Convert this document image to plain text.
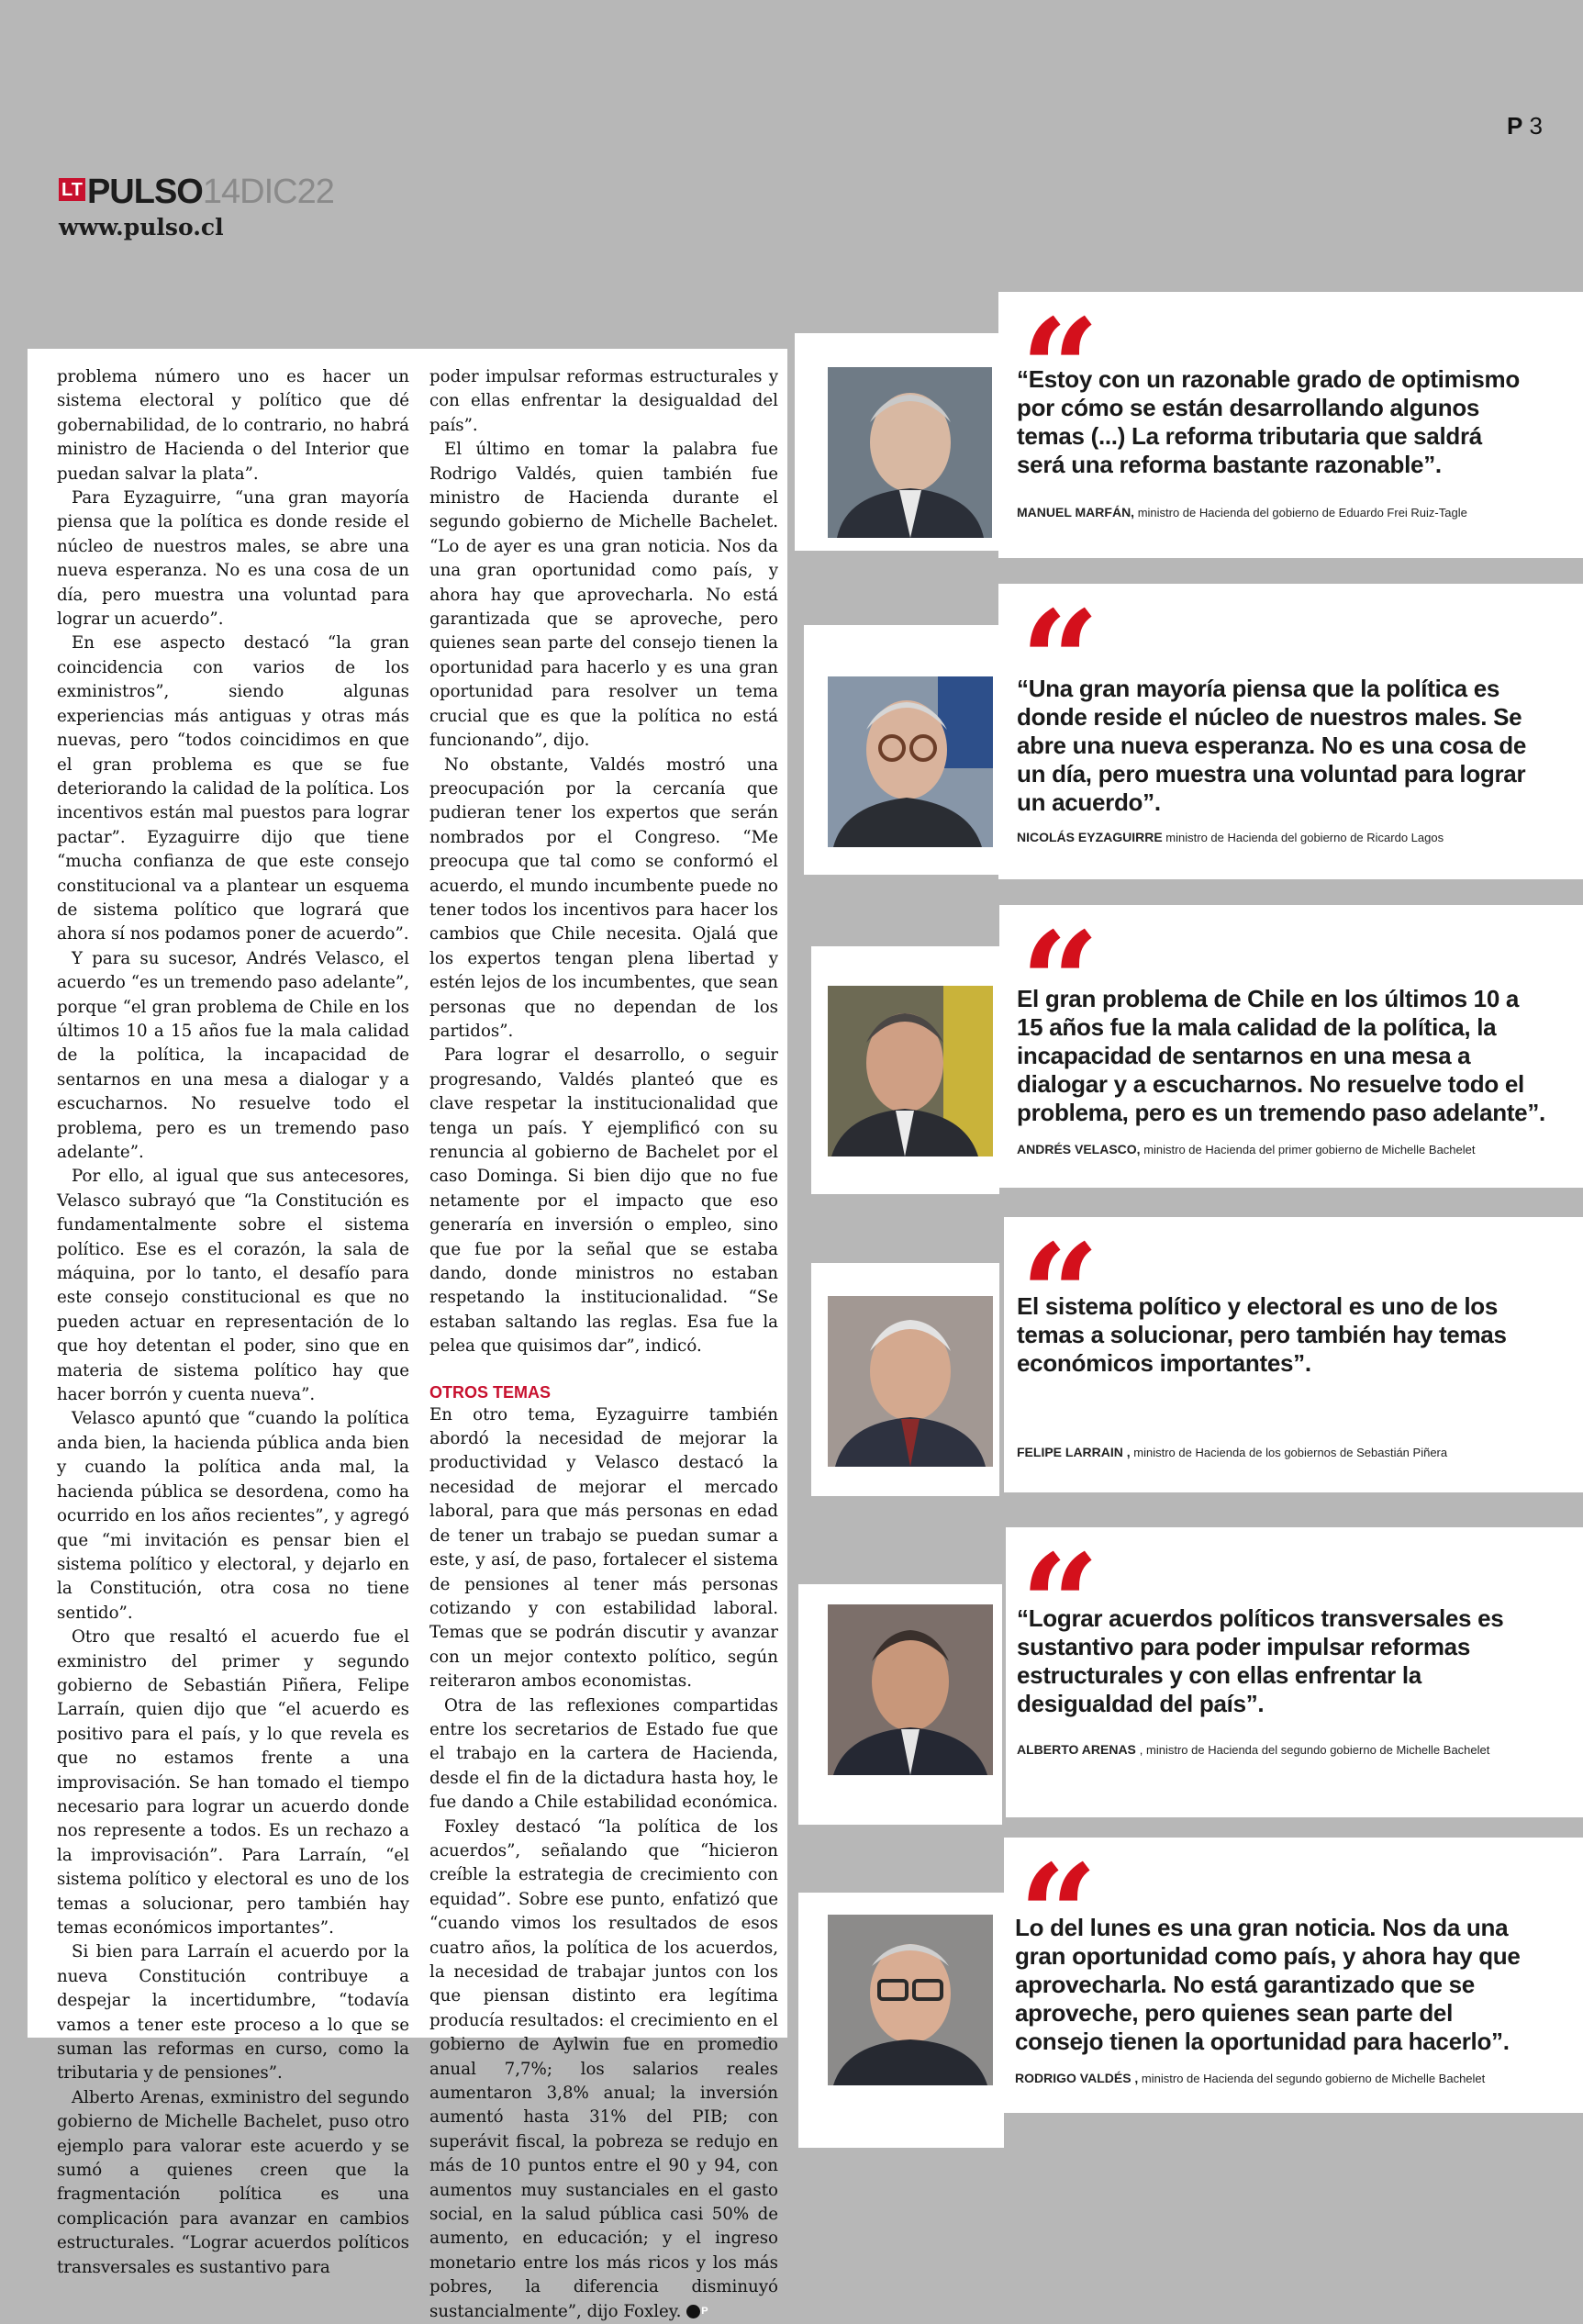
P 3
LT PULSO 14DIC22
www.pulso.cl

problema número uno es hacer un sistema electoral y político que dé gobernabilidad, de lo contrario, no habrá ministro de Hacienda o del Interior que puedan salvar la plata”.

Para Eyzaguirre, “una gran mayoría piensa que la política es donde reside el núcleo de nuestros males, se abre una nueva esperanza. No es una cosa de un día, pero muestra una voluntad para lograr un acuerdo”.

En ese aspecto destacó “la gran coincidencia con varios de los exministros”, siendo algunas experiencias más antiguas y otras más nuevas, pero “todos coincidimos en que el gran problema es que se fue deteriorando la calidad de la política. Los incentivos están mal puestos para lograr pactar”. Eyzaguirre dijo que tiene “mucha confianza de que este consejo constitucional va a plantear un esquema de sistema político que logrará que ahora sí nos podamos poner de acuerdo”.

Y para su sucesor, Andrés Velasco, el acuerdo “es un tremendo paso adelante”, porque “el gran problema de Chile en los últimos 10 a 15 años fue la mala calidad de la política, la incapacidad de sentarnos en una mesa a dialogar y a escucharnos. No resuelve todo el problema, pero es un tremendo paso adelante”.

Por ello, al igual que sus antecesores, Velasco subrayó que “la Constitución es fundamentalmente sobre el sistema político. Ese es el corazón, la sala de máquina, por lo tanto, el desafío para este consejo constitucional es que no pueden actuar en representación de lo que hoy detentan el poder, sino que en materia de sistema político hay que hacer borrón y cuenta nueva”.

Velasco apuntó que “cuando la política anda bien, la hacienda pública anda bien y cuando la política anda mal, la hacienda pública se desordena, como ha ocurrido en los años recientes”, y agregó que “mi invitación es pensar bien el sistema político y electoral, y dejarlo en la Constitución, otra cosa no tiene sentido”.

Otro que resaltó el acuerdo fue el exministro del primer y segundo gobierno de Sebastián Piñera, Felipe Larraín, quien dijo que “el acuerdo es positivo para el país, y lo que revela es que no estamos frente a una improvisación. Se han tomado el tiempo necesario para lograr un acuerdo donde nos represente a todos. Es un rechazo a la improvisación”. Para Larraín, “el sistema político y electoral es uno de los temas a solucionar, pero también hay temas económicos importantes”.

Si bien para Larraín el acuerdo por la nueva Constitución contribuye a despejar la incertidumbre, “todavía vamos a tener este proceso a lo que se suman las reformas en curso, como la tributaria y de pensiones”.

Alberto Arenas, exministro del segundo gobierno de Michelle Bachelet, puso otro ejemplo para valorar este acuerdo y se sumó a quienes creen que la fragmentación política es una complicación para avanzar en cambios estructurales. “Lograr acuerdos políticos transversales es sustantivo para

poder impulsar reformas estructurales y con ellas enfrentar la desigualdad del país”.

El último en tomar la palabra fue Rodrigo Valdés, quien también fue ministro de Hacienda durante el segundo gobierno de Michelle Bachelet. “Lo de ayer es una gran noticia. Nos da una gran oportunidad como país, y ahora hay que aprovecharla. No está garantizada que se aproveche, pero quienes sean parte del consejo tienen la oportunidad para hacerlo y es una gran oportunidad para resolver un tema crucial que es que la política no está funcionando”, dijo.

No obstante, Valdés mostró una preocupación por la cercanía que pudieran tener los expertos que serán nombrados por el Congreso. “Me preocupa que tal como se conformó el acuerdo, el mundo incumbente puede no tener todos los incentivos para hacer los cambios que Chile necesita. Ojalá que los expertos tengan plena libertad y estén lejos de los incumbentes, que sean personas que no dependan de los partidos”.

Para lograr el desarrollo, o seguir progresando, Valdés planteó que es clave respetar la institucionalidad que tenga un país. Y ejemplificó con su renuncia al gobierno de Bachelet por el caso Dominga. Si bien dijo que no fue netamente por el impacto que eso generaría en inversión o empleo, sino que fue por la señal que se estaba dando, donde ministros no estaban respetando la institucionalidad. “Se estaban saltando las reglas. Esa fue la pelea que quisimos dar”, indicó.

OTROS TEMAS

En otro tema, Eyzaguirre también abordó la necesidad de mejorar la productividad y Velasco destacó la necesidad de mejorar el mercado laboral, para que más personas en edad de tener un trabajo se puedan sumar a este, y así, de paso, fortalecer el sistema de pensiones al tener más personas cotizando y con estabilidad laboral. Temas que se podrán discutir y avanzar con un mejor contexto político, según reiteraron ambos economistas.

Otra de las reflexiones compartidas entre los secretarios de Estado fue que el trabajo en la cartera de Hacienda, desde el fin de la dictadura hasta hoy, le fue dando a Chile estabilidad económica.

Foxley destacó “la política de los acuerdos”, señalando que “hicieron creíble la estrategia de crecimiento con equidad”. Sobre ese punto, enfatizó que “cuando vimos los resultados de esos cuatro años, la política de los acuerdos, la necesidad de trabajar juntos con los que piensan distinto era legítima producía resultados: el crecimiento en el gobierno de Aylwin fue en promedio anual 7,7%; los salarios reales aumentaron 3,8% anual; la inversión aumentó hasta 31% del PIB; con superávit fiscal, la pobreza se redujo en más de 10 puntos entre el 90 y 94, con aumentos muy sustanciales en el gasto social, en la salud pública casi 50% de aumento, en educación; y el ingreso monetario entre los más ricos y los más pobres, la diferencia disminuyó sustancialmente”, dijo Foxley. P

“
“Estoy con un razonable grado de optimismo por cómo se están desarrollando algunos temas (...) La reforma tributaria que saldrá será una reforma bastante razonable”.
MANUEL MARFÁN, ministro de Hacienda del gobierno de Eduardo Frei Ruiz-Tagle
“
“Una gran mayoría piensa que la política es donde reside el núcleo de nuestros males. Se abre una nueva esperanza. No es una cosa de un día, pero muestra una voluntad para lograr un acuerdo”.
NICOLÁS EYZAGUIRRE ministro de Hacienda del gobierno de Ricardo Lagos
“
El gran problema de Chile en los últimos 10 a 15 años fue la mala calidad de la política, la incapacidad de sentarnos en una mesa a dialogar y a escucharnos. No resuelve todo el problema, pero es un tremendo paso adelante”.
ANDRÉS VELASCO, ministro de Hacienda del primer gobierno de Michelle Bachelet
“
El sistema político y electoral es uno de los temas a solucionar, pero también hay temas económicos importantes”.
FELIPE LARRAIN , ministro de Hacienda de los gobiernos de Sebastián Piñera
“
“Lograr acuerdos políticos transversales es sustantivo para poder impulsar reformas estructurales y con ellas enfrentar la desigualdad del país”.
ALBERTO ARENAS , ministro de Hacienda del segundo gobierno de Michelle Bachelet
“
Lo del lunes es una gran noticia. Nos da una gran oportunidad como país, y ahora hay que aprovecharla. No está garantizado que se aproveche, pero quienes sean parte del consejo tienen la oportunidad para hacerlo”.
RODRIGO VALDÉS , ministro de Hacienda del segundo gobierno de Michelle Bachelet
